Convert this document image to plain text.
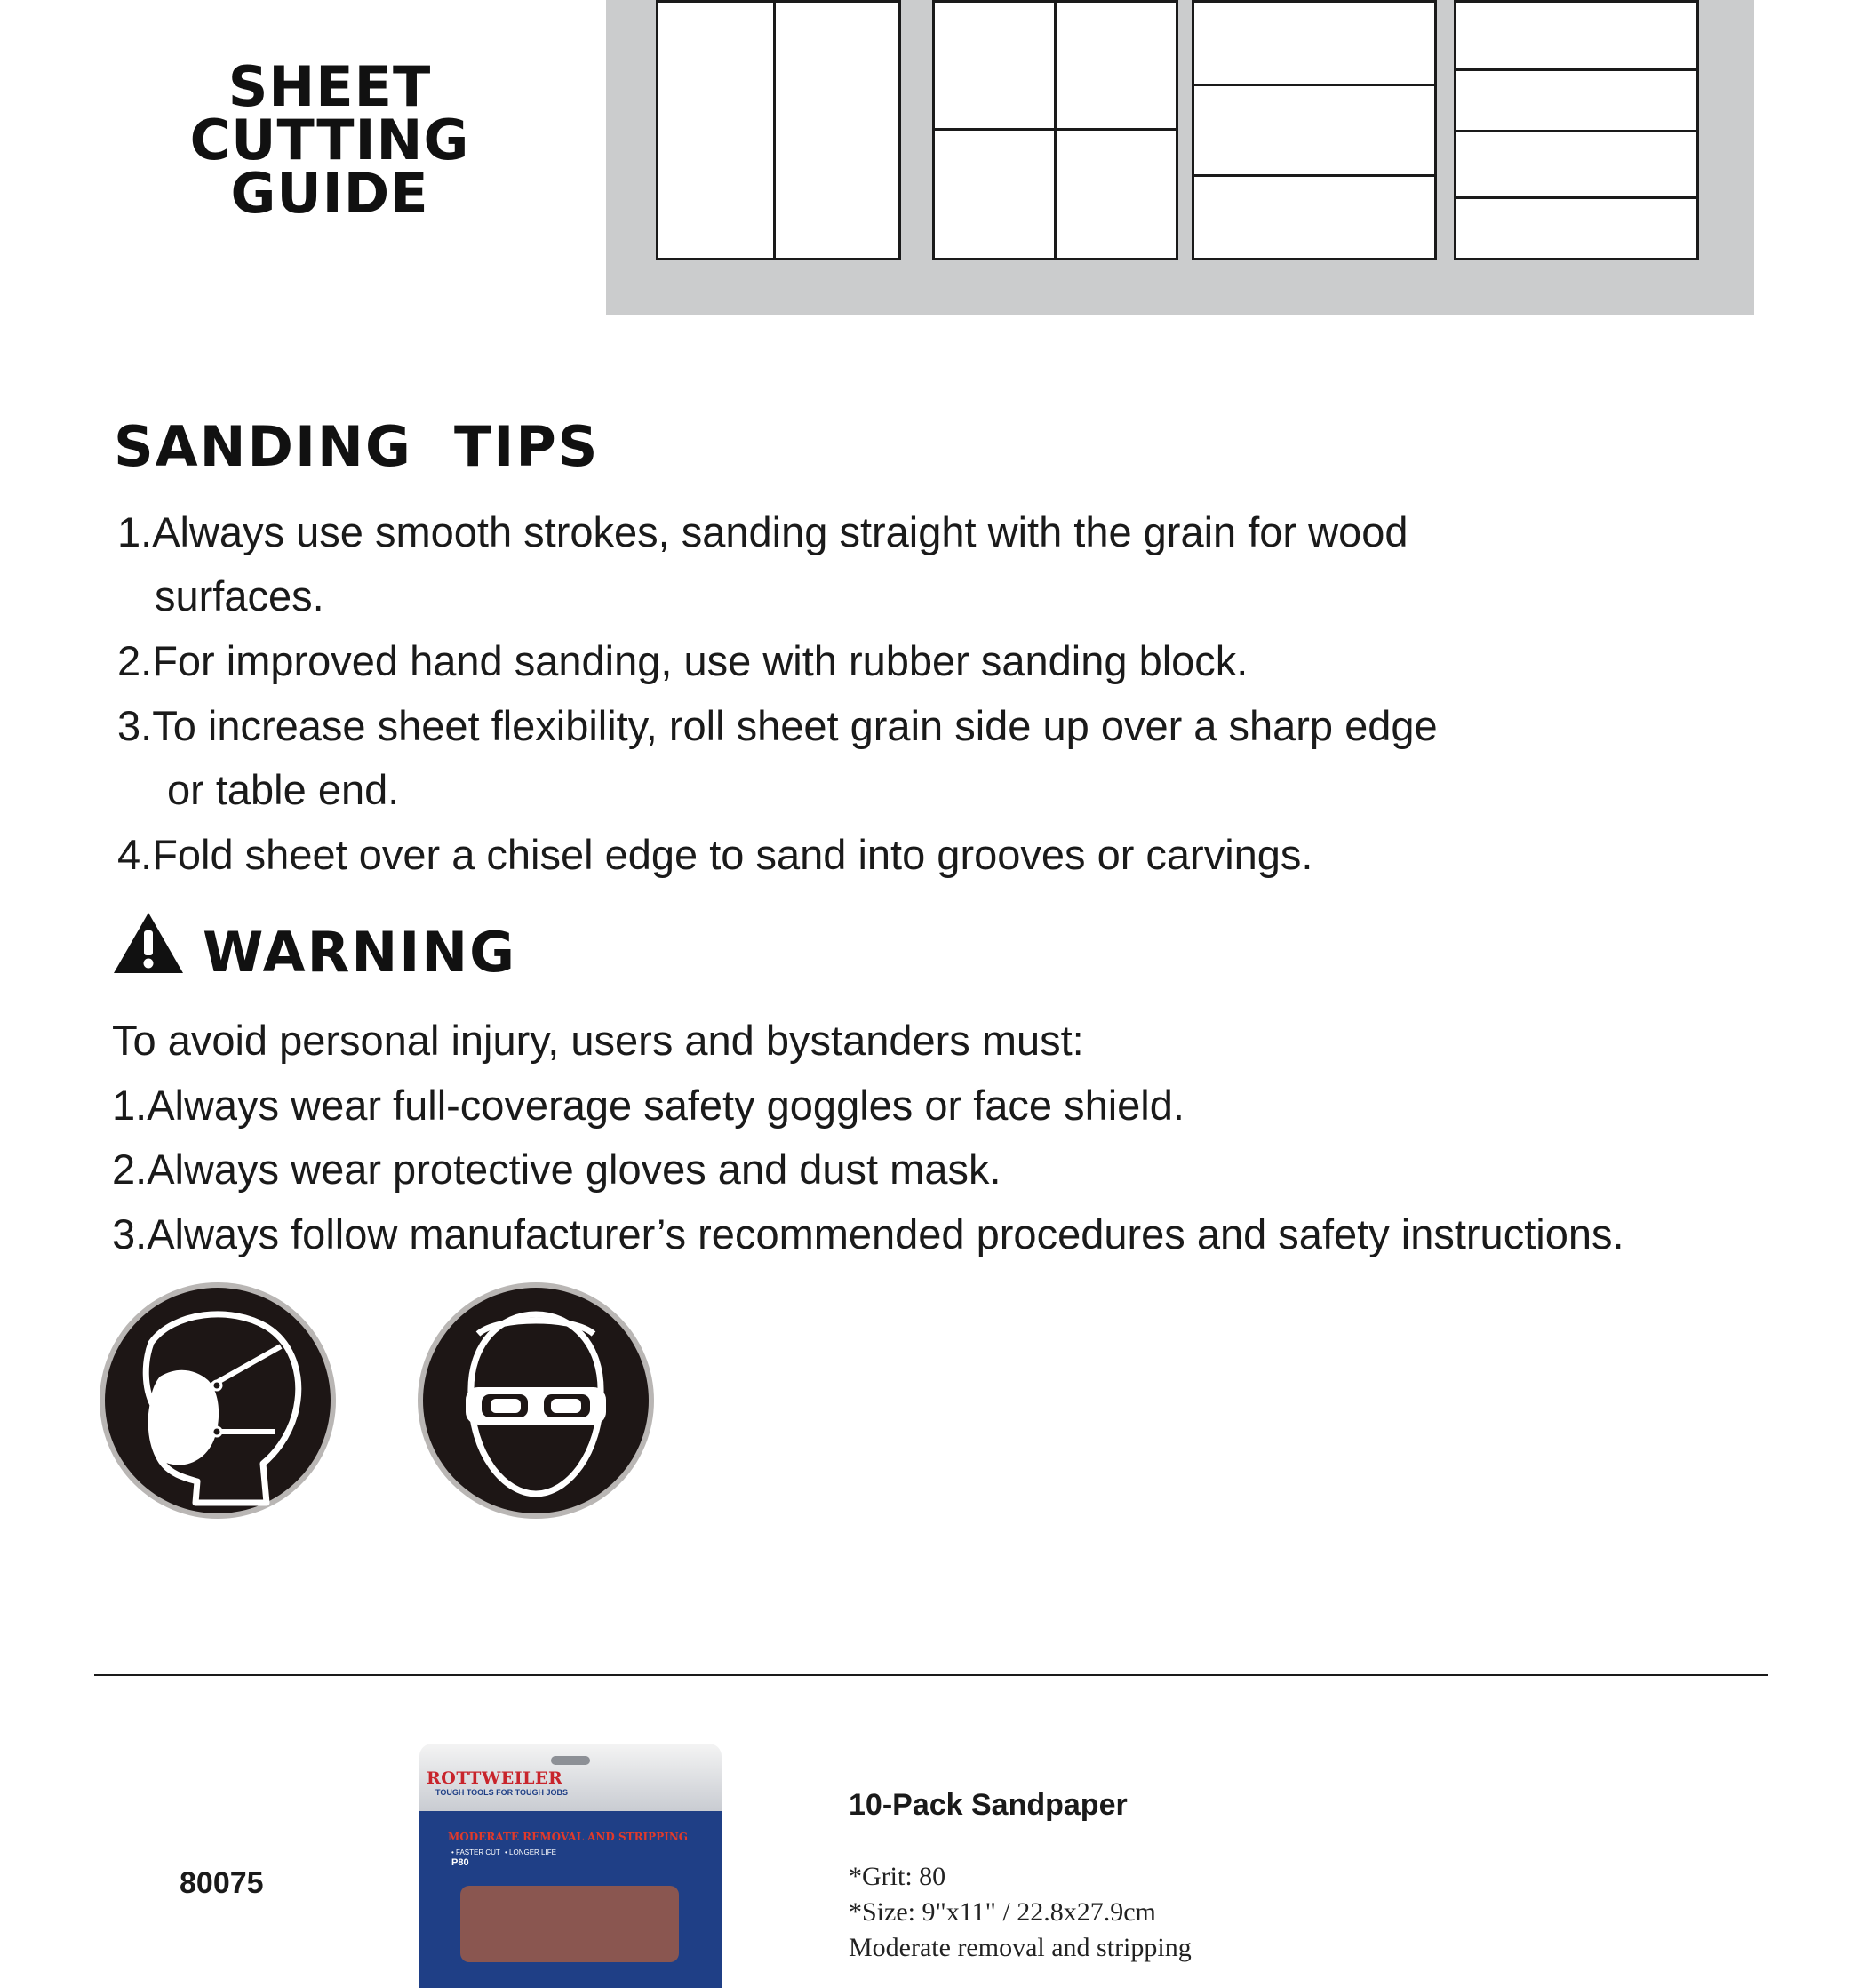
SHEET
CUTTING GUIDE
SANDING  TIPS
1.Always use smooth strokes, sanding straight with the grain for wood
surfaces.
2.For improved hand sanding, use with rubber sanding block.
3.To increase sheet flexibility, roll sheet grain side up over a sharp edge
or table end.
4.Fold sheet over a chisel edge to sand into grooves or carvings.
WARNING
To avoid personal injury, users and bystanders must:
1.Always wear full-coverage safety goggles or face shield.
2.Always wear protective gloves and dust mask.
3.Always follow manufacturer’s recommended procedures and safety instructions.
80075
ROTTWEILER
TOUGH TOOLS FOR TOUGH JOBS
MODERATE REMOVAL AND STRIPPING
• FASTER CUT • LONGER LIFE
P80
10-Pack Sandpaper
*Grit: 80
*Size: 9"x11" / 22.8x27.9cm
Moderate removal and stripping
